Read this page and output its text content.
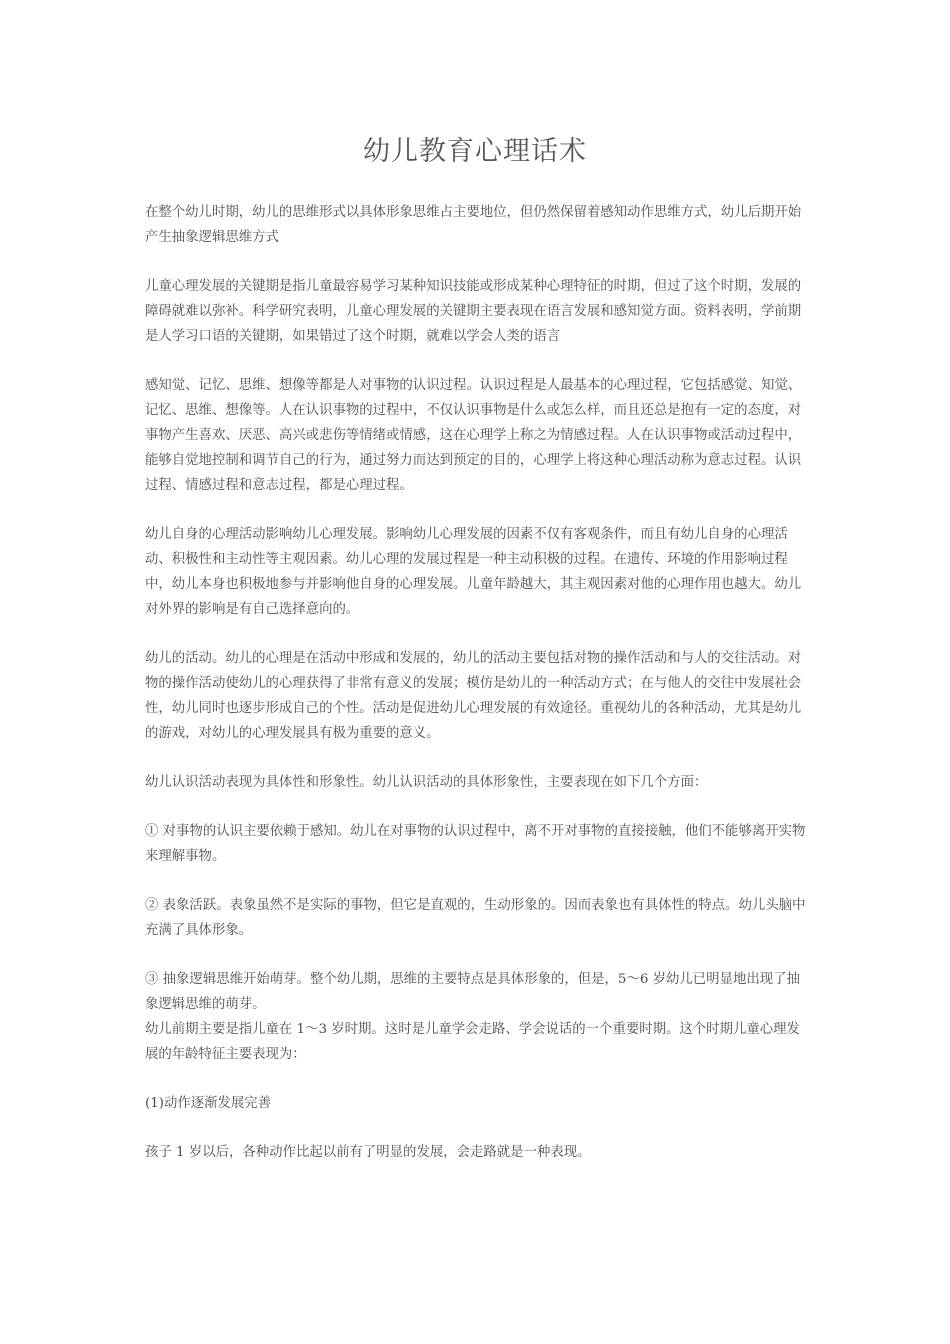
幼儿教育心理话术

在整个幼儿时期，幼儿的思维形式以具体形象思维占主要地位，但仍然保留着感知动作思维方式，幼儿后期开始产生抽象逻辑思维方式

儿童心理发展的关键期是指儿童最容易学习某种知识技能或形成某种心理特征的时期，但过了这个时期，发展的障碍就难以弥补。科学研究表明，儿童心理发展的关键期主要表现在语言发展和感知觉方面。资料表明，学前期是人学习口语的关键期，如果错过了这个时期，就难以学会人类的语言

感知觉、记忆、思维、想像等都是人对事物的认识过程。认识过程是人最基本的心理过程，它包括感觉、知觉、记忆、思维、想像等。人在认识事物的过程中，不仅认识事物是什么或怎么样，而且还总是抱有一定的态度，对事物产生喜欢、厌恶、高兴或悲伤等情绪或情感，这在心理学上称之为情感过程。人在认识事物或活动过程中，能够自觉地控制和调节自己的行为，通过努力而达到预定的目的，心理学上将这种心理活动称为意志过程。认识过程、情感过程和意志过程，都是心理过程。

幼儿自身的心理活动影响幼儿心理发展。影响幼儿心理发展的因素不仅有客观条件，而且有幼儿自身的心理活动、积极性和主动性等主观因素。幼儿心理的发展过程是一种主动积极的过程。在遗传、环境的作用影响过程中，幼儿本身也积极地参与并影响他自身的心理发展。儿童年龄越大，其主观因素对他的心理作用也越大。幼儿对外界的影响是有自己选择意向的。

幼儿的活动。幼儿的心理是在活动中形成和发展的，幼儿的活动主要包括对物的操作活动和与人的交往活动。对物的操作活动使幼儿的心理获得了非常有意义的发展；模仿是幼儿的一种活动方式；在与他人的交往中发展社会性，幼儿同时也逐步形成自己的个性。活动是促进幼儿心理发展的有效途径。重视幼儿的各种活动，尤其是幼儿的游戏，对幼儿的心理发展具有极为重要的意义。

幼儿认识活动表现为具体性和形象性。幼儿认识活动的具体形象性，主要表现在如下几个方面：

① 对事物的认识主要依赖于感知。幼儿在对事物的认识过程中，离不开对事物的直接接触，他们不能够离开实物来理解事物。

② 表象活跃。表象虽然不是实际的事物，但它是直观的，生动形象的。因而表象也有具体性的特点。幼儿头脑中充满了具体形象。

③ 抽象逻辑思维开始萌芽。整个幼儿期，思维的主要特点是具体形象的，但是，5～6 岁幼儿已明显地出现了抽象逻辑思维的萌芽。

幼儿前期主要是指儿童在 1～3 岁时期。这时是儿童学会走路、学会说话的一个重要时期。这个时期儿童心理发展的年龄特征主要表现为：

(1)动作逐渐发展完善

孩子 1 岁以后，各种动作比起以前有了明显的发展，会走路就是一种表现。
